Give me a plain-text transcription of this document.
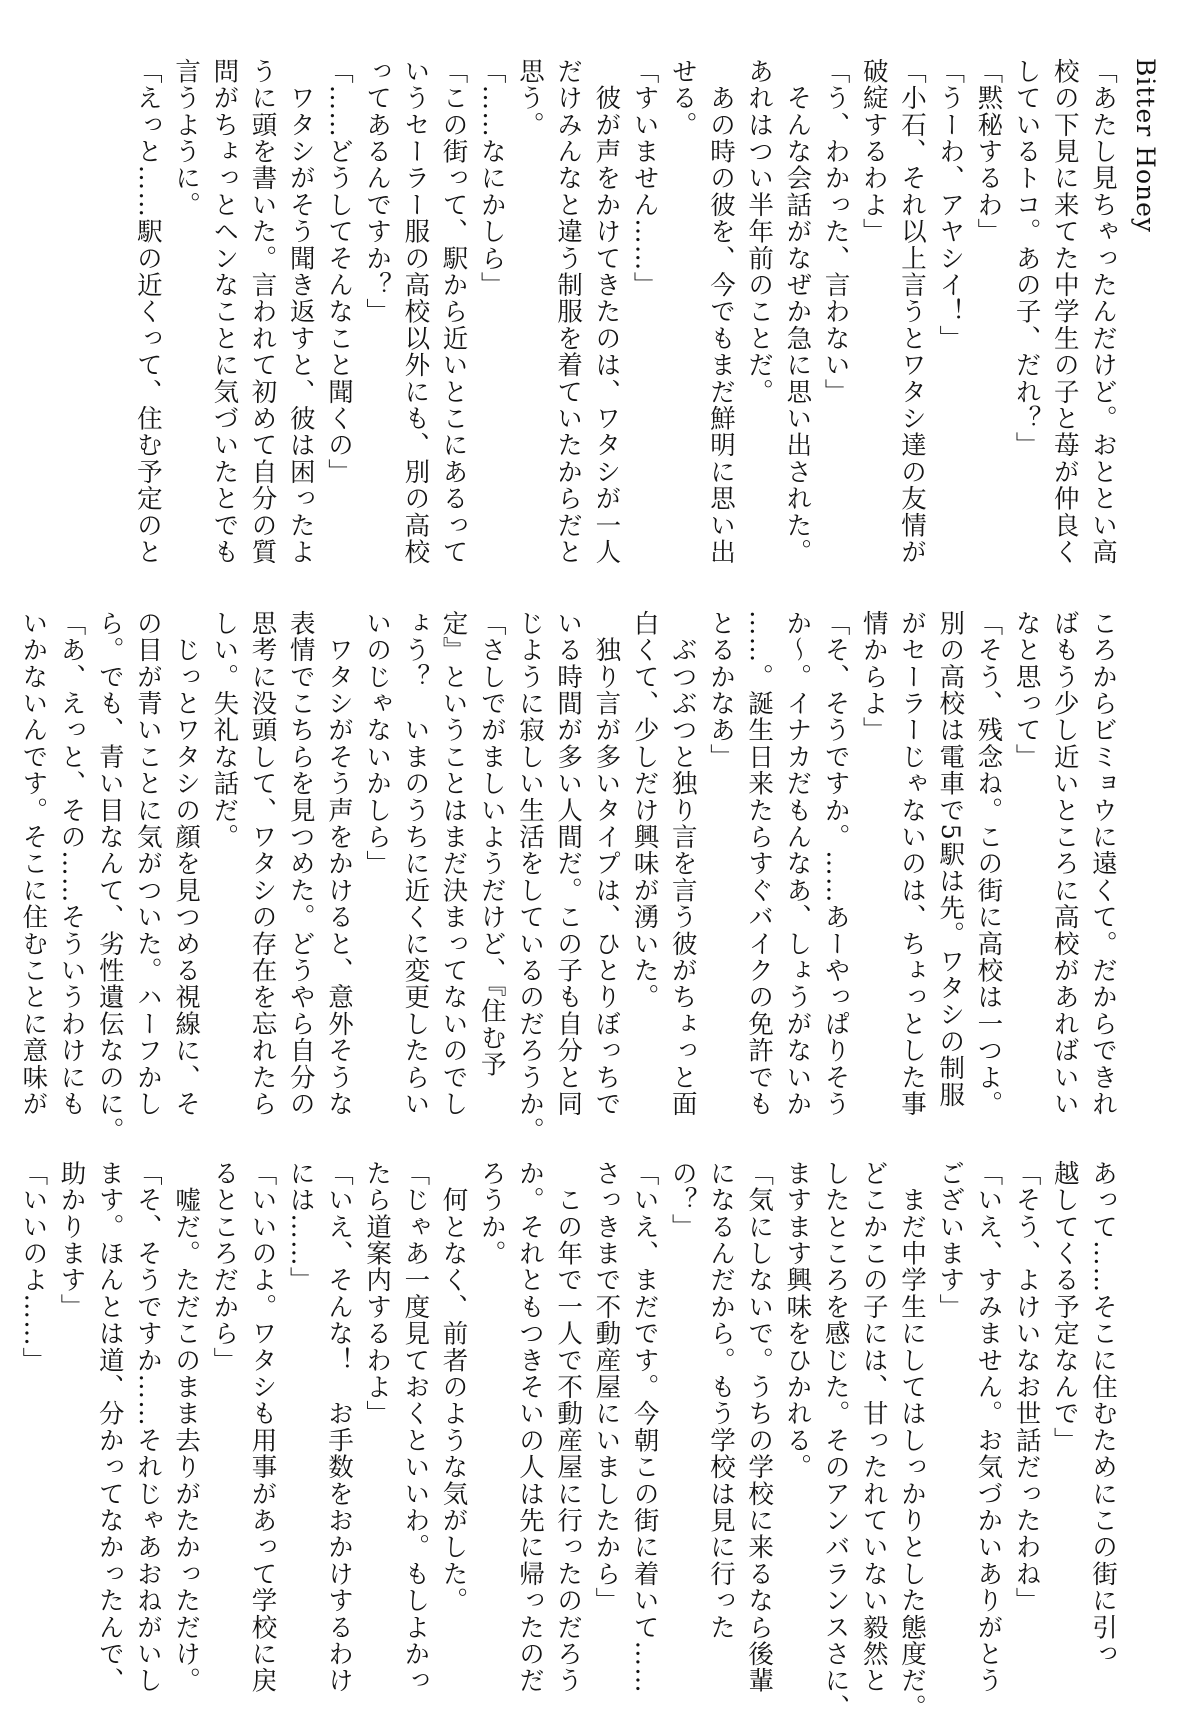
Bitter Honey
「あたし見ちゃったんだけど。おととい高
校の下見に来てた中学生の子と苺が仲良く
しているトコ。あの子、だれ？」
「黙秘するわ」
「うーわ、アヤシイ！」
「小石、それ以上言うとワタシ達の友情が
破綻するわよ」
「う、わかった、言わない」
　そんな会話がなぜか急に思い出された。
あれはつい半年前のことだ。
　あの時の彼を、今でもまだ鮮明に思い出
せる。
「すいません……」
　彼が声をかけてきたのは、ワタシが一人
だけみんなと違う制服を着ていたからだと
思う。
「……なにかしら」
「この街って、駅から近いとこにあるって
いうセーラー服の高校以外にも、別の高校
ってあるんですか？」
「……どうしてそんなこと聞くの」
　ワタシがそう聞き返すと、彼は困ったよ
うに頭を書いた。言われて初めて自分の質
問がちょっとヘンなことに気づいたとでも
言うように。
「えっと……駅の近くって、住む予定のと
ころからビミョウに遠くて。だからできれ
ばもう少し近いところに高校があればいい
なと思って」
「そう、残念ね。この街に高校は一つよ。
別の高校は電車で5駅は先。ワタシの制服
がセーラーじゃないのは、ちょっとした事
情からよ」
「そ、そうですか。……あーやっぱりそう
か～。イナカだもんなあ、しょうがないか
……。誕生日来たらすぐバイクの免許でも
とるかなあ」
　ぶつぶつと独り言を言う彼がちょっと面
白くて、少しだけ興味が湧いた。
　独り言が多いタイプは、ひとりぼっちで
いる時間が多い人間だ。この子も自分と同
じように寂しい生活をしているのだろうか。
「さしでがましいようだけど、『住む予
定』ということはまだ決まってないのでし
ょう？　いまのうちに近くに変更したらい
いのじゃないかしら」
　ワタシがそう声をかけると、意外そうな
表情でこちらを見つめた。どうやら自分の
思考に没頭して、ワタシの存在を忘れたら
しい。失礼な話だ。
　じっとワタシの顔を見つめる視線に、そ
の目が青いことに気がついた。ハーフかし
ら。でも、青い目なんて、劣性遺伝なのに。
「あ、えっと、その……そういうわけにも
いかないんです。そこに住むことに意味が
あって……そこに住むためにこの街に引っ
越してくる予定なんで」
「そう、よけいなお世話だったわね」
「いえ、すみません。お気づかいありがとう
ございます」
　まだ中学生にしてはしっかりとした態度だ。
どこかこの子には、甘ったれていない毅然と
したところを感じた。そのアンバランスさに、
ますます興味をひかれる。
「気にしないで。うちの学校に来るなら後輩
になるんだから。もう学校は見に行った
の？」
「いえ、まだです。今朝この街に着いて……
さっきまで不動産屋にいましたから」
　この年で一人で不動産屋に行ったのだろう
か。それともつきそいの人は先に帰ったのだ
ろうか。
　何となく、前者のような気がした。
「じゃあ一度見ておくといいわ。もしよかっ
たら道案内するわよ」
「いえ、そんな！　お手数をおかけするわけ
には……」
「いいのよ。ワタシも用事があって学校に戻
るところだから」
　嘘だ。ただこのまま去りがたかっただけ。
「そ、そうですか……それじゃあおねがいし
ます。ほんとは道、分かってなかったんで、
助かります」
「いいのよ……」
